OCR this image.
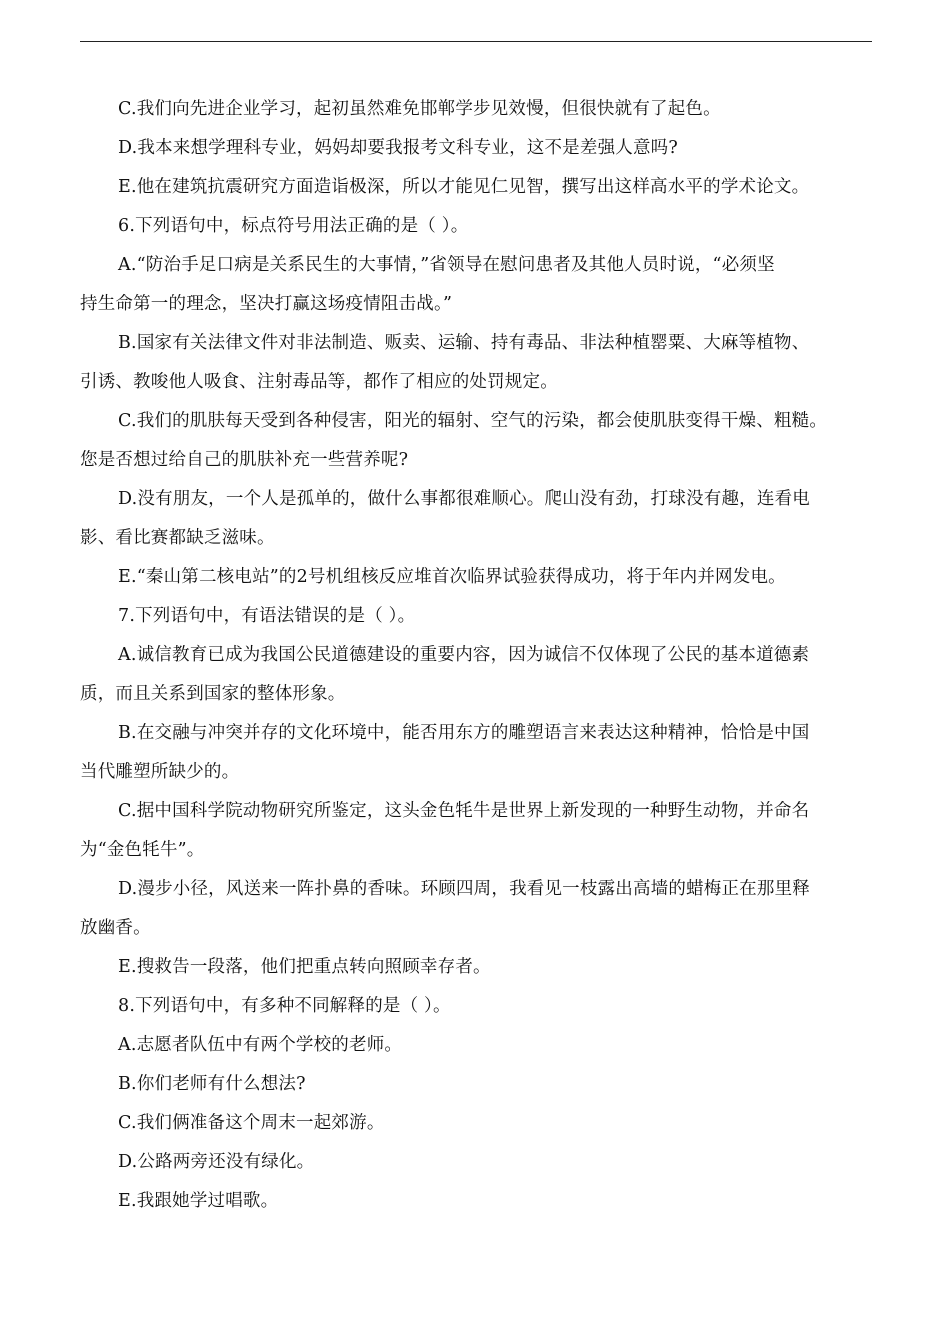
C.我们向先进企业学习，起初虽然难免邯郸学步见效慢，但很快就有了起色。
D.我本来想学理科专业，妈妈却要我报考文科专业，这不是差强人意吗?
E.他在建筑抗震研究方面造诣极深，所以才能见仁见智，撰写出这样高水平的学术论文。
6.下列语句中，标点符号用法正确的是（ ）。
A.“防治手足口病是关系民生的大事情，”省领导在慰问患者及其他人员时说，“必须坚
持生命第一的理念，坚决打赢这场疫情阻击战。”
B.国家有关法律文件对非法制造、贩卖、运输、持有毒品、非法种植罂粟、大麻等植物、
引诱、教唆他人吸食、注射毒品等，都作了相应的处罚规定。
C.我们的肌肤每天受到各种侵害，阳光的辐射、空气的污染，都会使肌肤变得干燥、粗糙。
您是否想过给自己的肌肤补充一些营养呢?
D.没有朋友，一个人是孤单的，做什么事都很难顺心。爬山没有劲，打球没有趣，连看电
影、看比赛都缺乏滋味。
E.“秦山第二核电站”的2号机组核反应堆首次临界试验获得成功，将于年内并网发电。
7.下列语句中，有语法错误的是（ ）。
A.诚信教育已成为我国公民道德建设的重要内容，因为诚信不仅体现了公民的基本道德素
质，而且关系到国家的整体形象。
B.在交融与冲突并存的文化环境中，能否用东方的雕塑语言来表达这种精神，恰恰是中国
当代雕塑所缺少的。
C.据中国科学院动物研究所鉴定，这头金色牦牛是世界上新发现的一种野生动物，并命名
为“金色牦牛”。
D.漫步小径，风送来一阵扑鼻的香味。环顾四周，我看见一枝露出高墙的蜡梅正在那里释
放幽香。
E.搜救告一段落，他们把重点转向照顾幸存者。
8.下列语句中，有多种不同解释的是（ ）。
A.志愿者队伍中有两个学校的老师。
B.你们老师有什么想法?
C.我们俩准备这个周末一起郊游。
D.公路两旁还没有绿化。
E.我跟她学过唱歌。
